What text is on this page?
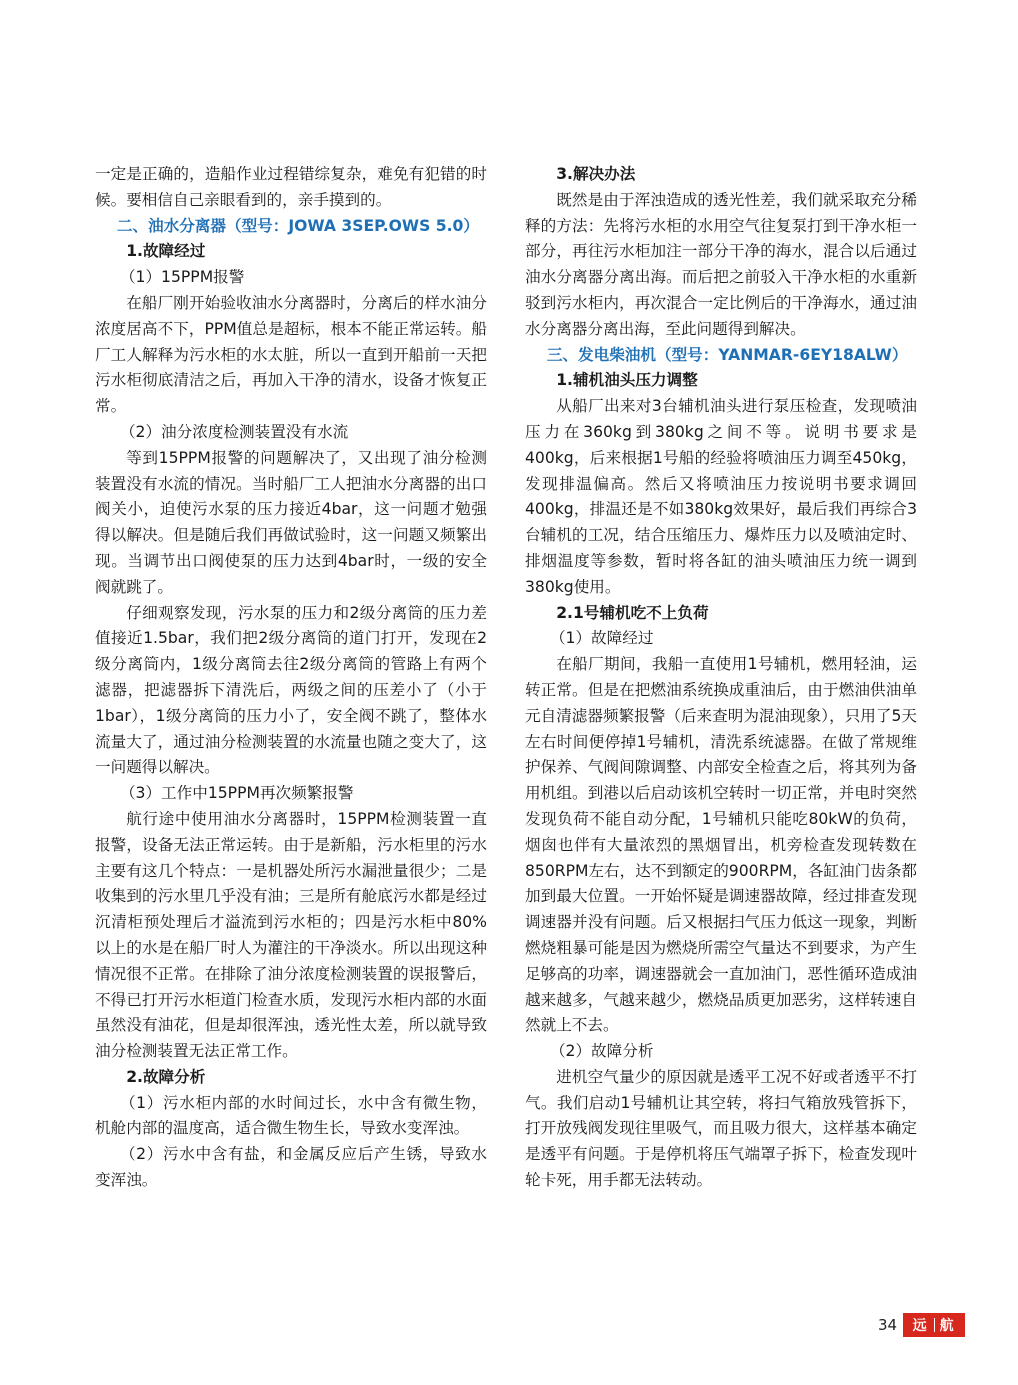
一定是正确的，造船作业过程错综复杂，难免有犯错的时候。要相信自己亲眼看到的，亲手摸到的。

二、油水分离器（型号：JOWA 3SEP.OWS 5.0）

1.故障经过

（1）15PPM报警

在船厂刚开始验收油水分离器时，分离后的样水油分浓度居高不下，PPM值总是超标，根本不能正常运转。船厂工人解释为污水柜的水太脏，所以一直到开船前一天把污水柜彻底清洁之后，再加入干净的清水，设备才恢复正常。

（2）油分浓度检测装置没有水流

等到15PPM报警的问题解决了，又出现了油分检测装置没有水流的情况。当时船厂工人把油水分离器的出口阀关小，迫使污水泵的压力接近4bar，这一问题才勉强得以解决。但是随后我们再做试验时，这一问题又频繁出现。当调节出口阀使泵的压力达到4bar时，一级的安全阀就跳了。

仔细观察发现，污水泵的压力和2级分离筒的压力差值接近1.5bar，我们把2级分离筒的道门打开，发现在2级分离筒内，1级分离筒去往2级分离筒的管路上有两个滤器，把滤器拆下清洗后，两级之间的压差小了（小于1bar），1级分离筒的压力小了，安全阀不跳了，整体水流量大了，通过油分检测装置的水流量也随之变大了，这一问题得以解决。

（3）工作中15PPM再次频繁报警

航行途中使用油水分离器时，15PPM检测装置一直报警，设备无法正常运转。由于是新船，污水柜里的污水主要有这几个特点：一是机器处所污水漏泄量很少；二是收集到的污水里几乎没有油；三是所有舱底污水都是经过沉清柜预处理后才溢流到污水柜的；四是污水柜中80%以上的水是在船厂时人为灌注的干净淡水。所以出现这种情况很不正常。在排除了油分浓度检测装置的误报警后，不得已打开污水柜道门检查水质，发现污水柜内部的水面虽然没有油花，但是却很浑浊，透光性太差，所以就导致油分检测装置无法正常工作。

2.故障分析

（1）污水柜内部的水时间过长，水中含有微生物，机舱内部的温度高，适合微生物生长，导致水变浑浊。

（2）污水中含有盐，和金属反应后产生锈，导致水变浑浊。

3.解决办法

既然是由于浑浊造成的透光性差，我们就采取充分稀释的方法：先将污水柜的水用空气往复泵打到干净水柜一部分，再往污水柜加注一部分干净的海水，混合以后通过油水分离器分离出海。而后把之前驳入干净水柜的水重新驳到污水柜内，再次混合一定比例后的干净海水，通过油水分离器分离出海，至此问题得到解决。

三、发电柴油机（型号：YANMAR-6EY18ALW）

1.辅机油头压力调整

从船厂出来对3台辅机油头进行泵压检查，发现喷油压力在360kg到380kg之间不等。说明书要求是400kg，后来根据1号船的经验将喷油压力调至450kg，发现排温偏高。然后又将喷油压力按说明书要求调回400kg，排温还是不如380kg效果好，最后我们再综合3台辅机的工况，结合压缩压力、爆炸压力以及喷油定时、排烟温度等参数，暂时将各缸的油头喷油压力统一调到380kg使用。

2.1号辅机吃不上负荷

（1）故障经过

在船厂期间，我船一直使用1号辅机，燃用轻油，运转正常。但是在把燃油系统换成重油后，由于燃油供油单元自清滤器频繁报警（后来查明为混油现象），只用了5天左右时间便停掉1号辅机，清洗系统滤器。在做了常规维护保养、气阀间隙调整、内部安全检查之后，将其列为备用机组。到港以后启动该机空转时一切正常，并电时突然发现负荷不能自动分配，1号辅机只能吃80kW的负荷，烟囱也伴有大量浓烈的黑烟冒出，机旁检查发现转数在850RPM左右，达不到额定的900RPM，各缸油门齿条都加到最大位置。一开始怀疑是调速器故障，经过排查发现调速器并没有问题。后又根据扫气压力低这一现象，判断燃烧粗暴可能是因为燃烧所需空气量达不到要求，为产生足够高的功率，调速器就会一直加油门，恶性循环造成油越来越多，气越来越少，燃烧品质更加恶劣，这样转速自然就上不去。

（2）故障分析

进机空气量少的原因就是透平工况不好或者透平不打气。我们启动1号辅机让其空转，将扫气箱放残管拆下，打开放残阀发现往里吸气，而且吸力很大，这样基本确定是透平有问题。于是停机将压气端罩子拆下，检查发现叶轮卡死，用手都无法转动。

34 远 航
